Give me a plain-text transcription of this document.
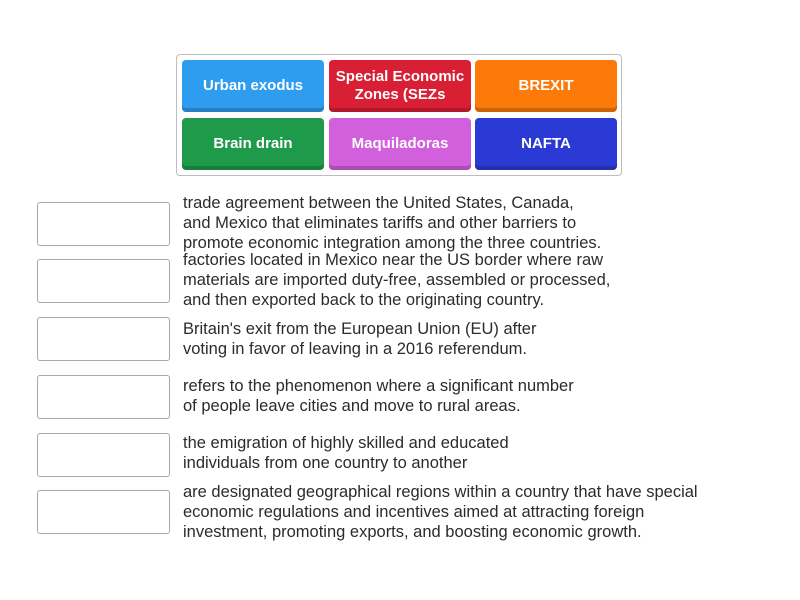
Urban exodus
Special Economic Zones (SEZs
BREXIT
Brain drain	Maquiladoras	NAFTA
trade agreement between the United States, Canada,
and Mexico that eliminates tariffs and other barriers to
promote economic integration among the three countries.
factories located in Mexico near the US border where raw
materials are imported duty-free, assembled or processed,
and then exported back to the originating country.
Britain's exit from the European Union (EU) after
voting in favor of leaving in a 2016 referendum.
refers to the phenomenon where a significant number
of people leave cities and move to rural areas.
the emigration of highly skilled and educated
individuals from one country to another
are designated geographical regions within a country that have special
economic regulations and incentives aimed at attracting foreign
investment, promoting exports, and boosting economic growth.
